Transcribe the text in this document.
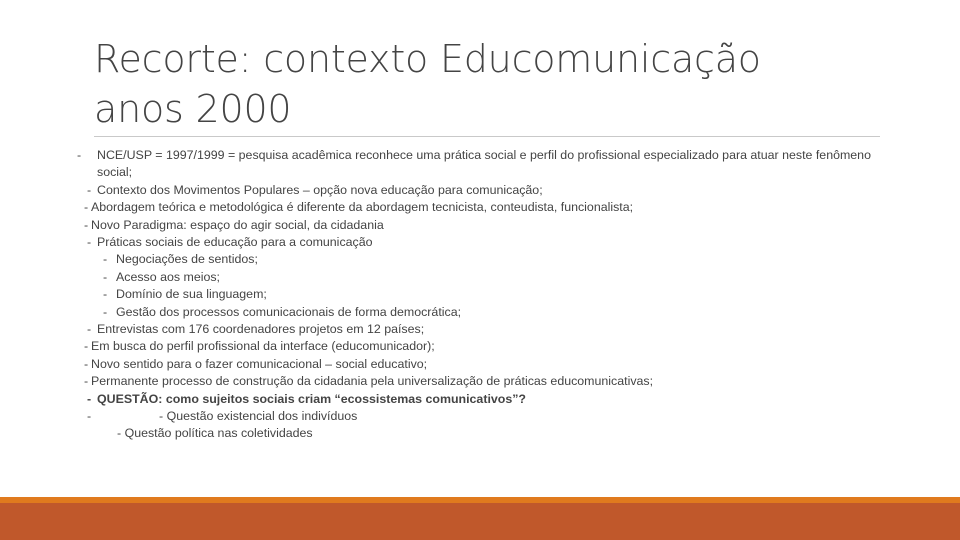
Recorte: contexto Educomunicação
anos 2000
- NCE/USP = 1997/1999 = pesquisa acadêmica reconhece uma prática social e perfil do profissional especializado para atuar neste fenômeno social;
- Contexto dos Movimentos Populares – opção nova educação para comunicação;
- Abordagem teórica e metodológica é diferente da abordagem tecnicista, conteudista, funcionalista;
- Novo Paradigma: espaço do agir social, da cidadania
- Práticas sociais de educação para a comunicação
- Negociações de sentidos;
- Acesso aos meios;
- Domínio de sua linguagem;
- Gestão dos processos comunicacionais de forma democrática;
- Entrevistas com 176 coordenadores projetos em 12 países;
- Em busca do perfil profissional da interface (educomunicador);
- Novo sentido para o fazer comunicacional – social educativo;
- Permanente processo de construção da cidadania pela universalização de práticas educomunicativas;
- QUESTÃO: como sujeitos sociais criam “ecossistemas comunicativos”?
-	- Questão existencial dos indivíduos
- Questão política nas coletividades
